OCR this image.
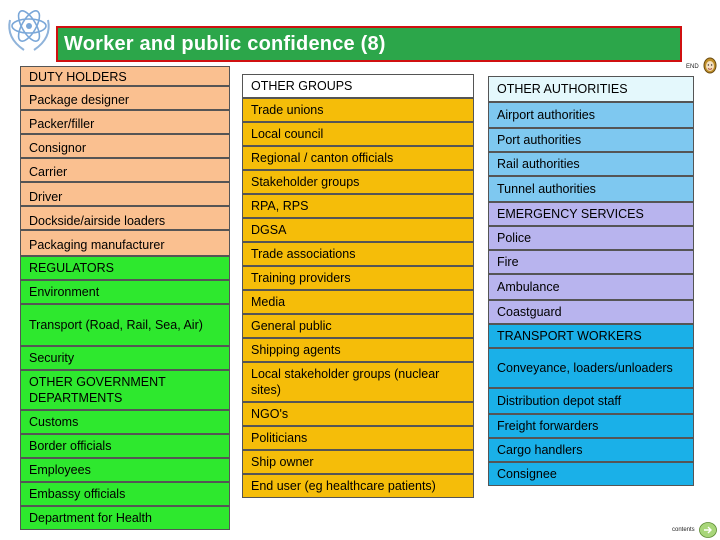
Worker and public confidence (8)
END
DUTY HOLDERS
Package designer
Packer/filler
Consignor
Carrier
Driver
Dockside/airside loaders
Packaging manufacturer
REGULATORS
Environment
Transport (Road, Rail, Sea, Air)
Security
OTHER GOVERNMENT DEPARTMENTS
Customs
Border officials
Employees
Embassy officials
Department for Health
OTHER GROUPS
Trade unions
Local council
Regional / canton officials
Stakeholder groups
RPA, RPS
DGSA
Trade associations
Training providers
Media
General public
Shipping agents
Local stakeholder groups (nuclear sites)
NGO's
Politicians
Ship owner
End user (eg healthcare patients)
OTHER AUTHORITIES
Airport authorities
Port authorities
Rail authorities
Tunnel authorities
EMERGENCY SERVICES
Police
Fire
Ambulance
Coastguard
TRANSPORT WORKERS
Conveyance, loaders/unloaders
Distribution depot staff
Freight forwarders
Cargo handlers
Consignee
contents
